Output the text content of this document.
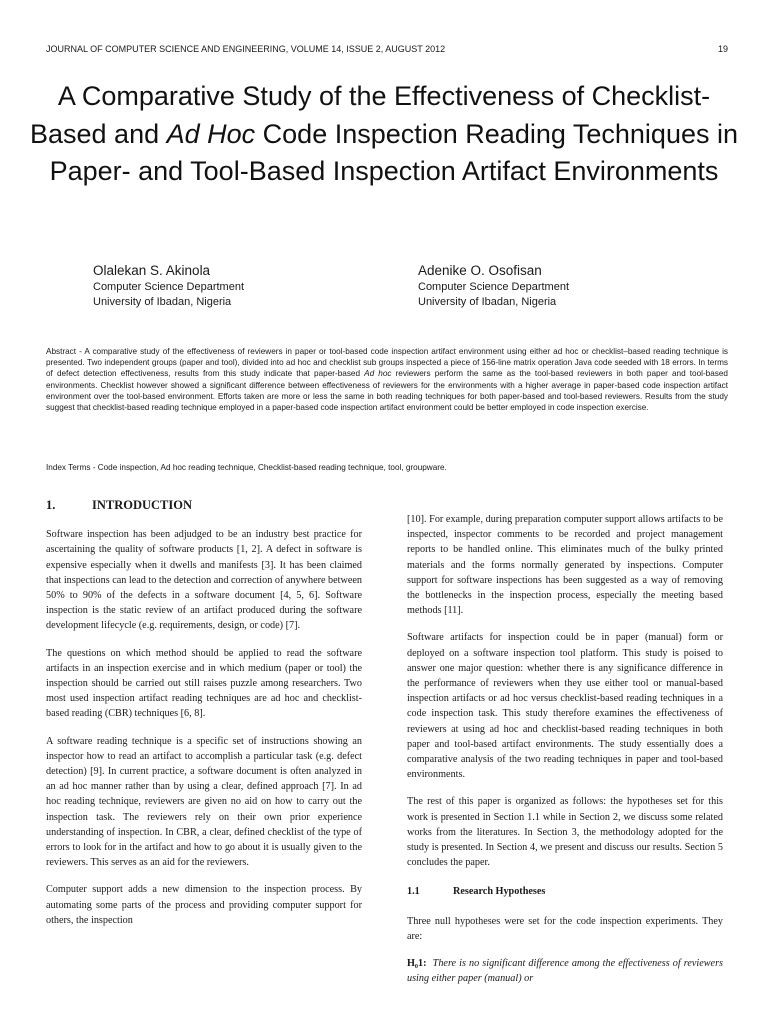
JOURNAL OF COMPUTER SCIENCE AND ENGINEERING, VOLUME 14, ISSUE 2, AUGUST 2012	19
A Comparative Study of the Effectiveness of Checklist-Based and Ad Hoc Code Inspection Reading Techniques in Paper- and Tool-Based Inspection Artifact Environments
Olalekan S. Akinola
Computer Science Department
University of Ibadan, Nigeria
Adenike O. Osofisan
Computer Science Department
University of Ibadan, Nigeria
Abstract - A comparative study of the effectiveness of reviewers in paper or tool-based code inspection artifact environment using either ad hoc or checklist–based reading technique is presented. Two independent groups (paper and tool), divided into ad hoc and checklist sub groups inspected a piece of 156-line matrix operation Java code seeded with 18 errors. In terms of defect detection effectiveness, results from this study indicate that paper-based Ad hoc reviewers perform the same as the tool-based reviewers in both paper and tool-based environments. Checklist however showed a significant difference between effectiveness of reviewers for the environments with a higher average in paper-based code inspection artifact environment over the tool-based environment. Efforts taken are more or less the same in both reading techniques for both paper-based and tool-based reviewers. Results from the study suggest that checklist-based reading technique employed in a paper-based code inspection artifact environment could be better employed in code inspection exercise.
Index Terms - Code inspection, Ad hoc reading technique, Checklist-based reading technique, tool, groupware.
1.	INTRODUCTION

Software inspection has been adjudged to be an industry best practice for ascertaining the quality of software products [1, 2]. A defect in software is expensive especially when it dwells and manifests [3]. It has been claimed that inspections can lead to the detection and correction of anywhere between 50% to 90% of the defects in a software document [4, 5, 6]. Software inspection is the static review of an artifact produced during the software development lifecycle (e.g. requirements, design, or code) [7].

The questions on which method should be applied to read the software artifacts in an inspection exercise and in which medium (paper or tool) the inspection should be carried out still raises puzzle among researchers. Two most used inspection artifact reading techniques are ad hoc and checklist-based reading (CBR) techniques [6, 8].

A software reading technique is a specific set of instructions showing an inspector how to read an artifact to accomplish a particular task (e.g. defect detection) [9]. In current practice, a software document is often analyzed in an ad hoc manner rather than by using a clear, defined approach [7]. In ad hoc reading technique, reviewers are given no aid on how to carry out the inspection task. The reviewers rely on their own prior experience understanding of inspection. In CBR, a clear, defined checklist of the type of errors to look for in the artifact and how to go about it is usually given to the reviewers. This serves as an aid for the reviewers.

Computer support adds a new dimension to the inspection process. By automating some parts of the process and providing computer support for others, the inspection

[10]. For example, during preparation computer support allows artifacts to be inspected, inspector comments to be recorded and project management reports to be handled online. This eliminates much of the bulky printed materials and the forms normally generated by inspections. Computer support for software inspections has been suggested as a way of removing the bottlenecks in the inspection process, especially the meeting based methods [11].

Software artifacts for inspection could be in paper (manual) form or deployed on a software inspection tool platform. This study is poised to answer one major question: whether there is any significance difference in the performance of reviewers when they use either tool or manual-based inspection artifacts or ad hoc versus checklist-based reading techniques in a code inspection task. This study therefore examines the effectiveness of reviewers at using ad hoc and checklist-based reading techniques in both paper and tool-based artifact environments. The study essentially does a comparative analysis of the two reading techniques in paper and tool-based environments.

The rest of this paper is organized as follows: the hypotheses set for this work is presented in Section 1.1 while in Section 2, we discuss some related works from the literatures. In Section 3, the methodology adopted for the study is presented. In Section 4, we present and discuss our results. Section 5 concludes the paper.

1.1	Research Hypotheses

Three null hypotheses were set for the code inspection experiments. They are:

H₀1: There is no significant difference among the effectiveness of reviewers using either paper (manual) or
